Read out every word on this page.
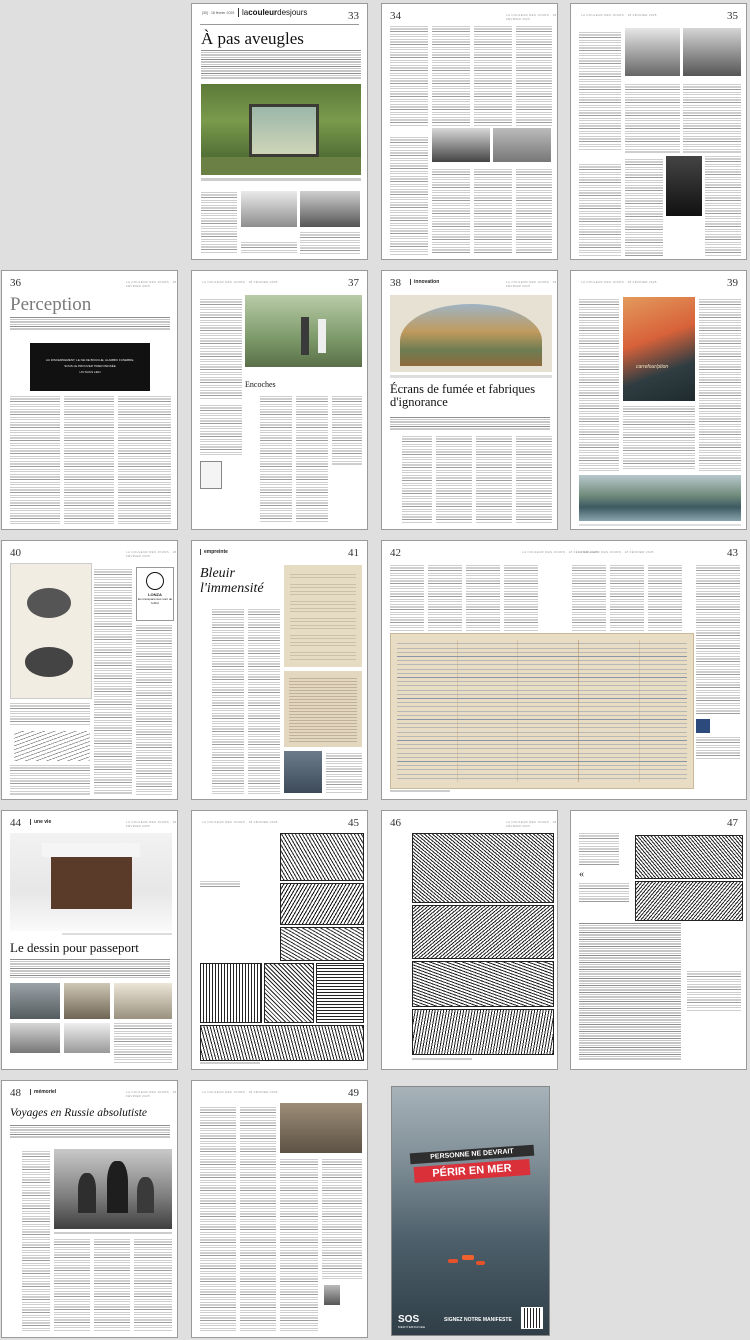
[30] · 18 février 2025 lacouleurdesjours	33
À pas aveugles
34	LA COULEUR DES JOURS · 18 FÉVRIER 2025	35
LA COULEUR DES JOURS · 18 FÉVRIER 2025
36	LA COULEUR DES JOURS · 18 FÉVRIER 2025
Perception
AU DISCERNEMENT, LE NE DE BOUCHE, ALAMBIC FUNEBRE,
SOUS LE PROUVER TIRER PENSÉE
UN SOUS LIEN
37
LA COULEUR DES JOURS · 18 FÉVRIER 2025
Encoches
38	innovation	LA COULEUR DES JOURS · 18 FÉVRIER 2025
Écrans de fumée et fabriques d'ignorance
39
LA COULEUR DES JOURS · 18 FÉVRIER 2025
carrefour/ption
40	LA COULEUR DES JOURS · 18 FÉVRIER 2025
LONZA
les transparences sont de l'effort
41
empreinte
Bleuir l'immensité
42	43
LA COULEUR DES JOURS · 18 FÉVRIER 2025
LA COULEUR DES JOURS · 18 FÉVRIER 2025
44	une vie	LA COULEUR DES JOURS · 18 FÉVRIER 2025
Le dessin pour passeport
45
LA COULEUR DES JOURS · 18 FÉVRIER 2025	46	LA COULEUR DES JOURS · 18 FÉVRIER 2025	47
«
48	mémoriel	LA COULEUR DES JOURS · 18 FÉVRIER 2025
Voyages en Russie absolutiste
49
LA COULEUR DES JOURS · 18 FÉVRIER 2025
PERSONNE NE DEVRAIT
PÉRIR EN MER
SOS
MEDITERRANEE
SIGNEZ NOTRE MANIFESTE
